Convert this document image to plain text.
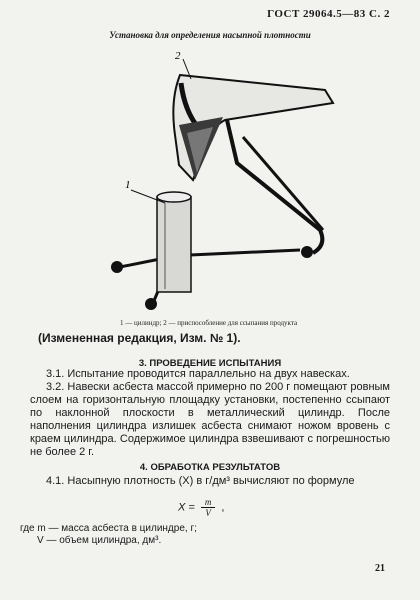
ГОСТ 29064.5—83 С. 2
Установка для определения насыпной плотности
1
2
1 — цилиндр; 2 — приспособление для ссыпания продукта
(Измененная редакция, Изм. № 1).
3. ПРОВЕДЕНИЕ ИСПЫТАНИЯ
3.1. Испытание проводится параллельно на двух навесках.
3.2. Навески асбеста массой примерно по 200 г помещают ровным слоем на горизонтальную площадку установки, постепенно ссыпают по наклонной плоскости в металлический цилиндр. После наполнения цилиндра излишек асбеста снимают ножом вровень с краем цилиндра. Содержимое цилиндра взвешивают с погрешностью не более 2 г.
4. ОБРАБОТКА РЕЗУЛЬТАТОВ
4.1. Насыпную плотность (X) в г/дм³ вычисляют по формуле
$X = \frac{m}{V}$ ,
где m — масса асбеста в цилиндре, г;
V — объем цилиндра, дм³.
21
